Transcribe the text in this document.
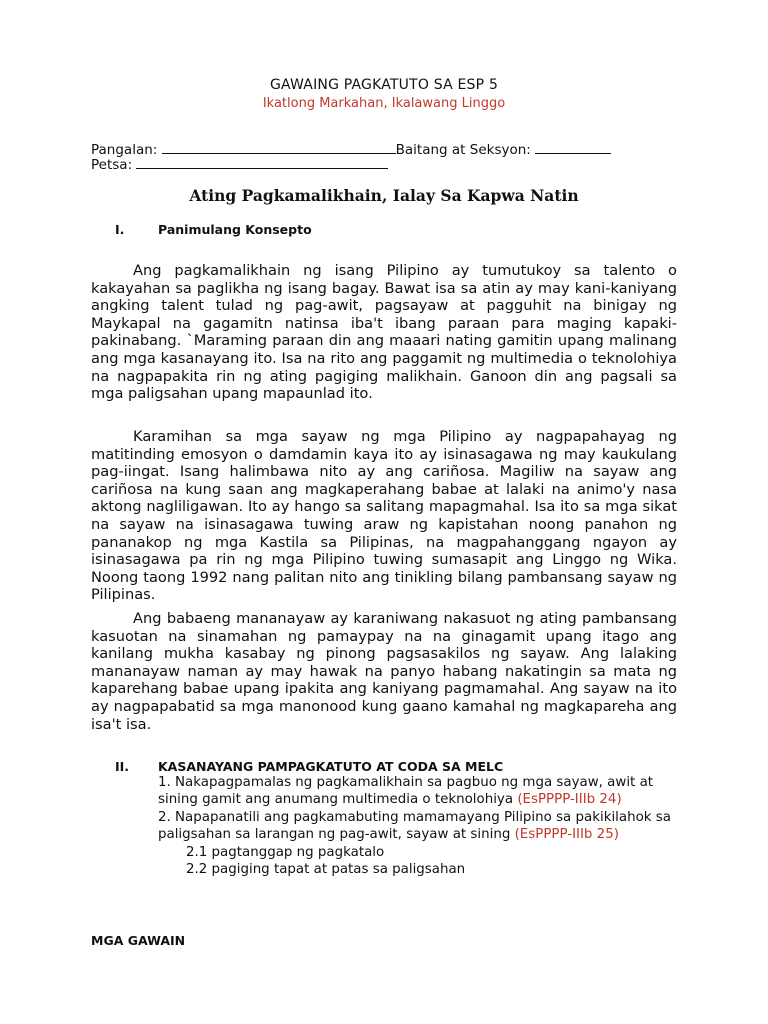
GAWAING PAGKATUTO SA ESP 5
Ikatlong Markahan, Ikalawang Linggo
Pangalan:	Baitang at Seksyon:
Petsa:
Ating Pagkamalikhain, Ialay Sa Kapwa Natin
I.	Panimulang Konsepto

Ang pagkamalikhain ng isang Pilipino ay tumutukoy sa talento o kakayahan sa paglikha ng isang bagay. Bawat isa sa atin ay may kani-kaniyang angking talent tulad ng pag-awit, pagsayaw at pagguhit na binigay ng Maykapal na gagamitn natinsa iba't ibang paraan para maging kapaki-pakinabang. `Maraming paraan din ang maaari nating gamitin upang malinang ang mga kasanayang ito. Isa na rito ang paggamit ng multimedia o teknolohiya na nagpapakita rin ng ating pagiging malikhain. Ganoon din ang pagsali sa mga paligsahan upang mapaunlad ito.

Karamihan sa mga sayaw ng mga Pilipino ay nagpapahayag ng matitinding emosyon o damdamin kaya ito ay isinasagawa ng may kaukulang pag-iingat. Isang halimbawa nito ay ang cariñosa. Magiliw na sayaw ang cariñosa na kung saan ang magkaperahang babae at lalaki na animo'y nasa aktong nagliligawan. Ito ay hango sa salitang mapagmahal. Isa ito sa mga sikat na sayaw na isinasagawa tuwing araw ng kapistahan noong panahon ng pananakop ng mga Kastila sa Pilipinas, na magpahanggang ngayon ay isinasagawa pa rin ng mga Pilipino tuwing sumasapit ang Linggo ng Wika. Noong taong 1992 nang palitan nito ang tinikling bilang pambansang sayaw ng Pilipinas.

Ang babaeng mananayaw ay karaniwang nakasuot ng ating pambansang kasuotan na sinamahan ng pamaypay na na ginagamit upang itago ang kanilang mukha kasabay ng pinong pagsasakilos ng sayaw. Ang lalaking mananayaw naman ay may hawak na panyo habang nakatingin sa mata ng kaparehang babae upang ipakita ang kaniyang pagmamahal. Ang sayaw na ito ay nagpapabatid sa mga manonood kung gaano kamahal ng magkapareha ang isa't isa.

II. KASANAYANG PAMPAGKATUTO AT CODA SA MELC
1. Nakapagpamalas ng pagkamalikhain sa pagbuo ng mga sayaw, awit at sining gamit ang anumang multimedia o teknolohiya (EsPPPP-IIIb 24)
2. Napapanatili ang pagkamabuting mamamayang Pilipino sa pakikilahok sa paligsahan sa larangan ng pag-awit, sayaw at sining (EsPPPP-IIIb 25)
2.1 pagtanggap ng pagkatalo
2.2 pagiging tapat at patas sa paligsahan
MGA GAWAIN
